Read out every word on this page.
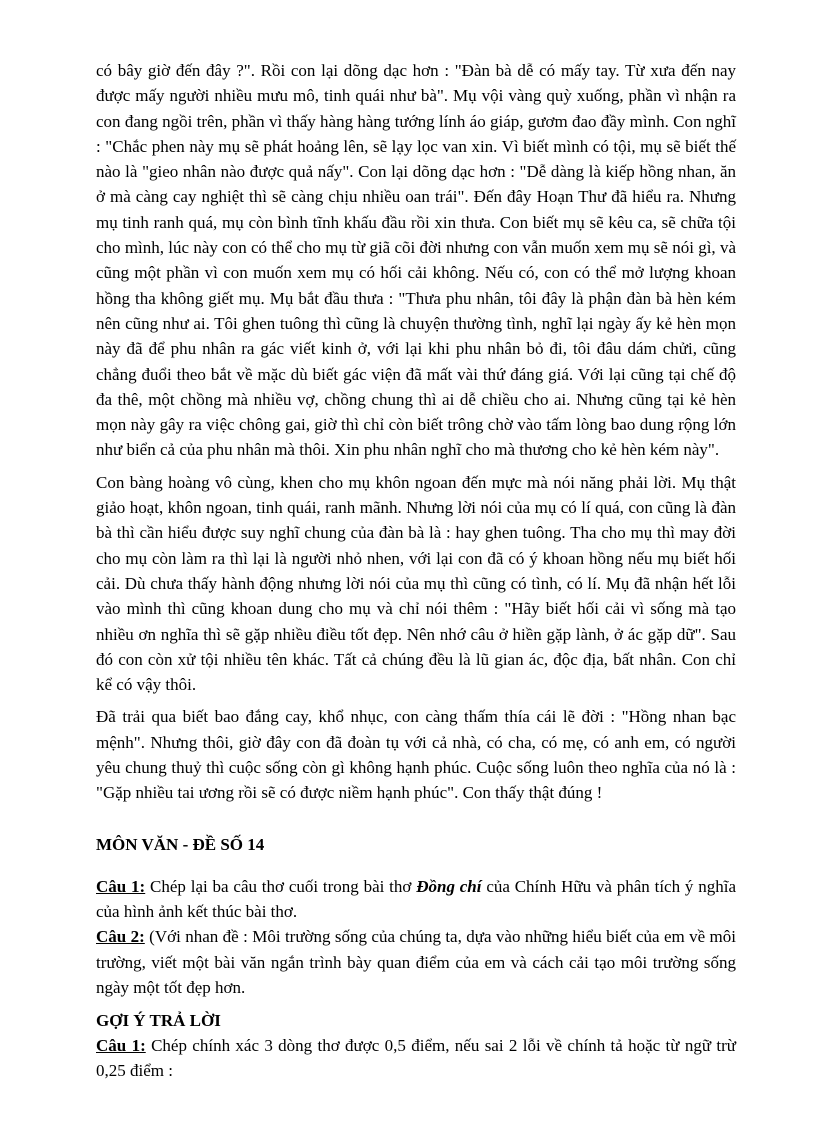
có bây giờ đến đây ?". Rồi con lại dõng dạc hơn : "Đàn bà dễ có mấy tay. Từ xưa đến nay được mấy người nhiều mưu mô, tinh quái như bà". Mụ vội vàng quỳ xuống, phần vì nhận ra con đang ngồi trên, phần vì thấy hàng hàng tướng lính áo giáp, gươm đao đầy mình. Con nghĩ : "Chắc phen này mụ sẽ phát hoảng lên, sẽ lạy lọc van xin. Vì biết mình có tội, mụ sẽ biết thế nào là "gieo nhân nào được quả nấy". Con lại dõng dạc hơn : "Dễ dàng là kiếp hồng nhan, ăn ở mà càng cay nghiệt thì sẽ càng chịu nhiều oan trái". Đến đây Hoạn Thư đã hiểu ra. Nhưng mụ tinh ranh quá, mụ còn bình tĩnh khấu đầu rồi xin thưa. Con biết mụ sẽ kêu ca, sẽ chữa tội cho mình, lúc này con có thể cho mụ từ giã cõi đời nhưng con vẫn muốn xem mụ sẽ nói gì, và cũng một phần vì con muốn xem mụ có hối cải không. Nếu có, con có thể mở lượng khoan hồng tha không giết mụ. Mụ bắt đầu thưa : "Thưa phu nhân, tôi đây là phận đàn bà hèn kém nên cũng như ai. Tôi ghen tuông thì cũng là chuyện thường tình, nghĩ lại ngày ấy kẻ hèn mọn này đã để phu nhân ra gác viết kinh ở, với lại khi phu nhân bỏ đi, tôi đâu dám chửi, cũng chẳng đuổi theo bắt về mặc dù biết gác viện đã mất vài thứ đáng giá. Với lại cũng tại chế độ đa thê, một chồng mà nhiều vợ, chồng chung thì ai dễ chiều cho ai. Nhưng cũng tại kẻ hèn mọn này gây ra việc chông gai, giờ thì chỉ còn biết trông chờ vào tấm lòng bao dung rộng lớn như biển cả của phu nhân mà thôi. Xin phu nhân nghĩ cho mà thương cho kẻ hèn kém này".

Con bàng hoàng vô cùng, khen cho mụ khôn ngoan đến mực mà nói năng phải lời. Mụ thật giảo hoạt, khôn ngoan, tinh quái, ranh mãnh. Nhưng lời nói của mụ có lí quá, con cũng là đàn bà thì cần hiểu được suy nghĩ chung của đàn bà là : hay ghen tuông. Tha cho mụ thì may đời cho mụ còn làm ra thì lại là người nhỏ nhen, với lại con đã có ý khoan hồng nếu mụ biết hối cải. Dù chưa thấy hành động nhưng lời nói của mụ thì cũng có tình, có lí. Mụ đã nhận hết lỗi vào mình thì cũng khoan dung cho mụ và chỉ nói thêm : "Hãy biết hối cải vì sống mà tạo nhiều ơn nghĩa thì sẽ gặp nhiều điều tốt đẹp. Nên nhớ câu ở hiền gặp lành, ở ác gặp dữ". Sau đó con còn xử tội nhiều tên khác. Tất cả chúng đều là lũ gian ác, độc địa, bất nhân. Con chỉ kể có vậy thôi.

Đã trải qua biết bao đắng cay, khổ nhục, con càng thấm thía cái lẽ đời : "Hồng nhan bạc mệnh". Nhưng thôi, giờ đây con đã đoàn tụ với cả nhà, có cha, có mẹ, có anh em, có người yêu chung thuỷ thì cuộc sống còn gì không hạnh phúc. Cuộc sống luôn theo nghĩa của nó là : "Gặp nhiều tai ương rồi sẽ có được niềm hạnh phúc". Con thấy thật đúng !

MÔN VĂN - ĐỀ SỐ 14

Câu 1: Chép lại ba câu thơ cuối trong bài thơ Đồng chí của Chính Hữu và phân tích ý nghĩa của hình ảnh kết thúc bài thơ.

Câu 2: (Với nhan đề : Môi trường sống của chúng ta, dựa vào những hiểu biết của em về môi trường, viết một bài văn ngắn trình bày quan điểm của em và cách cải tạo môi trường sống ngày một tốt đẹp hơn.

GỢI Ý TRẢ LỜI

Câu 1: Chép chính xác 3 dòng thơ được 0,5 điểm, nếu sai 2 lỗi về chính tả hoặc từ ngữ trừ 0,25 điểm :
